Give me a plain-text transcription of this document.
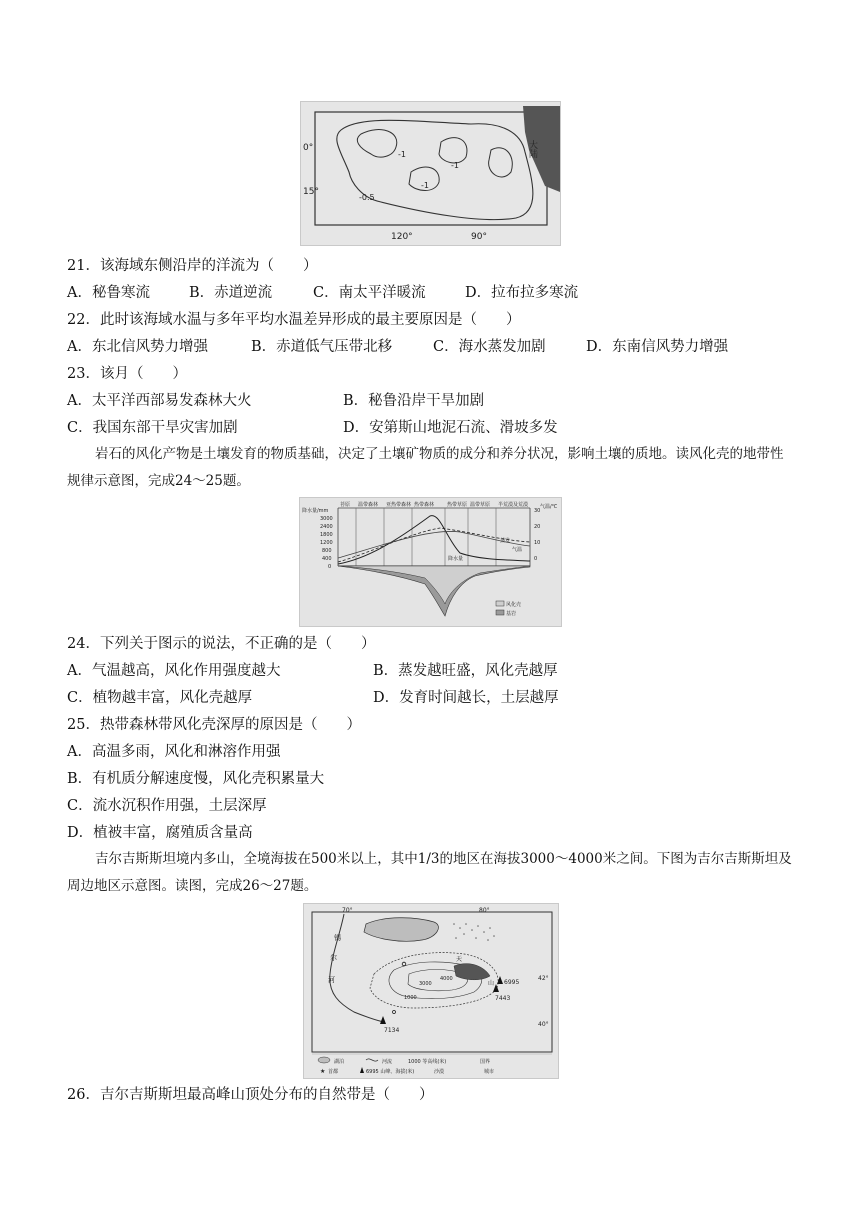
大陆
0°
15°
120°	90°
-1
-1
-1
-0.5
21．该海域东侧沿岸的洋流为（　　）
A．秘鲁寒流	B．赤道逆流	C．南太平洋暖流	D．拉布拉多寒流
22．此时该海域水温与多年平均水温差异形成的最主要原因是（　　）
A．东北信风势力增强	B．赤道低气压带北移	C．海水蒸发加剧	D．东南信风势力增强
23．该月（　　）
A．太平洋西部易发森林大火	B．秘鲁沿岸干旱加剧
C．我国东部干旱灾害加剧	D．安第斯山地泥石流、滑坡多发
岩石的风化产物是土壤发育的物质基础，决定了土壤矿物质的成分和养分状况，影响土壤的质地。读风化壳的地带性规律示意图，完成24～25题。
苔原 温带森林 亚热带森林 热带森林	热带草原 温带草原 半荒漠及荒漠
降水量/mm
3000
2400
1800
1200
800
400
0
气温/℃
30
20
10
0
蒸发
气温
降水量
风化壳
基岩
24．下列关于图示的说法，不正确的是（　　）
A．气温越高，风化作用强度越大	B．蒸发越旺盛，风化壳越厚
C．植物越丰富，风化壳越厚	D．发育时间越长，土层越厚
25．热带森林带风化壳深厚的原因是（　　）
A．高温多雨，风化和淋溶作用强
B．有机质分解速度慢，风化壳积累量大
C．流水沉积作用强，土层深厚
D．植被丰富，腐殖质含量高
吉尔吉斯斯坦境内多山，全境海拔在500米以上，其中1/3的地区在海拔3000～4000米之间。下图为吉尔吉斯斯坦及周边地区示意图。读图，完成26～27题。
70°	80°
42°
40°
锡
尔
河
天
山
3000
1000
4000	6995
7443
7134
湖泊	河流	1000 等高线(米)	国界
★ 首都	6995 山峰、海拔(米)	沙漠	城市
26．吉尔吉斯斯坦最高峰山顶处分布的自然带是（　　）
